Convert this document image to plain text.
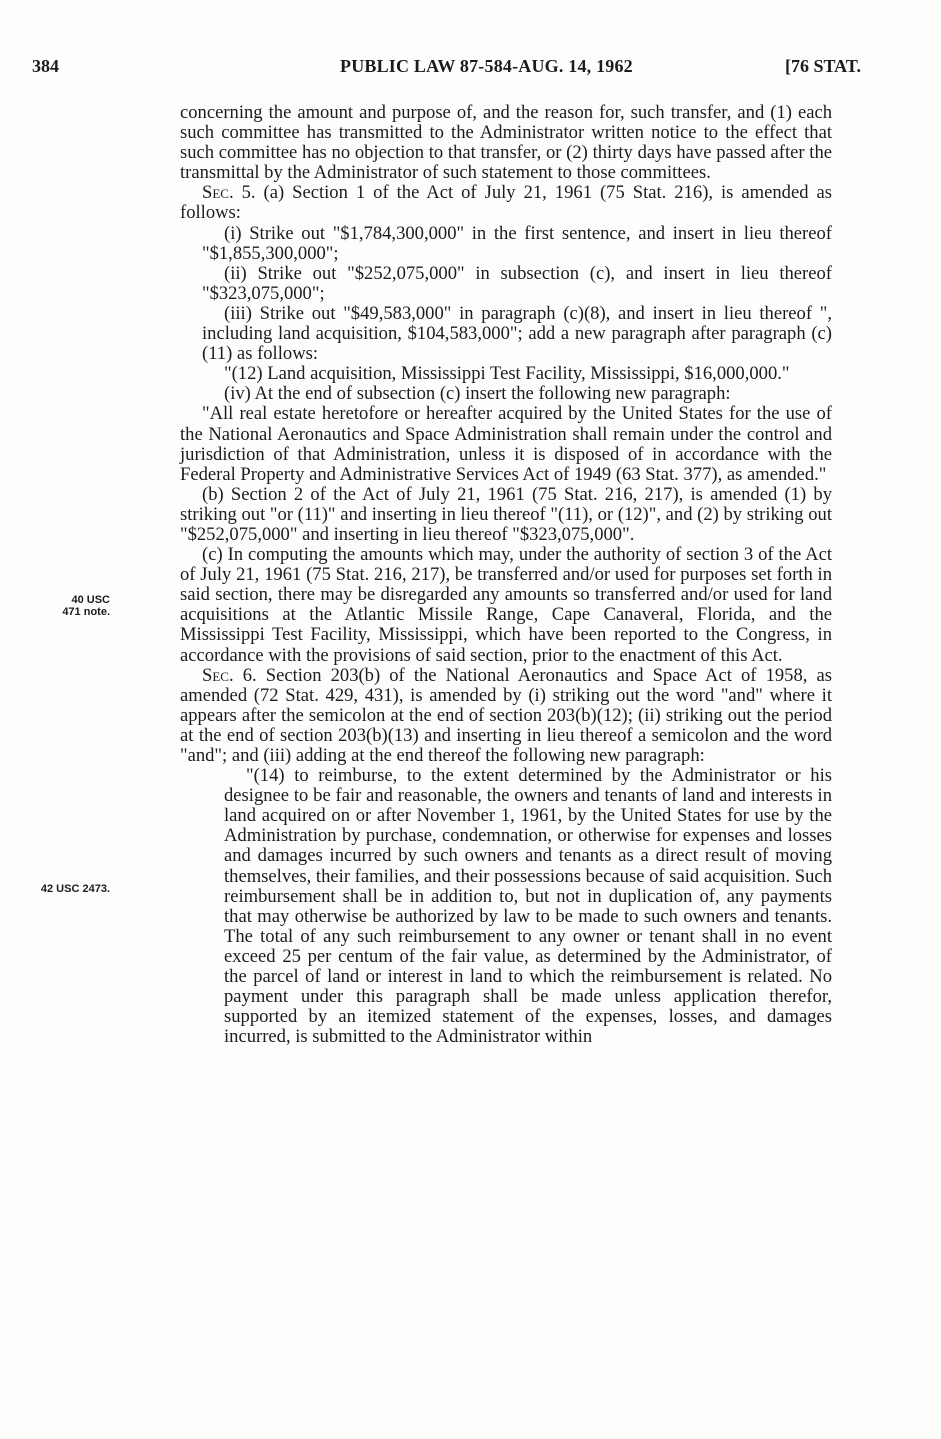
384	PUBLIC LAW 87-584-AUG. 14, 1962	[76 STAT.
40 USC
471 note.
42 USC 2473.

concerning the amount and purpose of, and the reason for, such transfer, and (1) each such committee has transmitted to the Administrator written notice to the effect that such committee has no objection to that transfer, or (2) thirty days have passed after the transmittal by the Administrator of such statement to those committees.

Sec. 5. (a) Section 1 of the Act of July 21, 1961 (75 Stat. 216), is amended as follows:

(i) Strike out "$1,784,300,000" in the first sentence, and insert in lieu thereof "$1,855,300,000";

(ii) Strike out "$252,075,000" in subsection (c), and insert in lieu thereof "$323,075,000";

(iii) Strike out "$49,583,000" in paragraph (c)(8), and insert in lieu thereof ", including land acquisition, $104,583,000"; add a new paragraph after paragraph (c)(11) as follows:

"(12) Land acquisition, Mississippi Test Facility, Mississippi, $16,000,000."

(iv) At the end of subsection (c) insert the following new paragraph:

"All real estate heretofore or hereafter acquired by the United States for the use of the National Aeronautics and Space Administration shall remain under the control and jurisdiction of that Administration, unless it is disposed of in accordance with the Federal Property and Administrative Services Act of 1949 (63 Stat. 377), as amended."

(b) Section 2 of the Act of July 21, 1961 (75 Stat. 216, 217), is amended (1) by striking out "or (11)" and inserting in lieu thereof "(11), or (12)", and (2) by striking out "$252,075,000" and inserting in lieu thereof "$323,075,000".

(c) In computing the amounts which may, under the authority of section 3 of the Act of July 21, 1961 (75 Stat. 216, 217), be transferred and/or used for purposes set forth in said section, there may be disregarded any amounts so transferred and/or used for land acquisitions at the Atlantic Missile Range, Cape Canaveral, Florida, and the Mississippi Test Facility, Mississippi, which have been reported to the Congress, in accordance with the provisions of said section, prior to the enactment of this Act.

Sec. 6. Section 203(b) of the National Aeronautics and Space Act of 1958, as amended (72 Stat. 429, 431), is amended by (i) striking out the word "and" where it appears after the semicolon at the end of section 203(b)(12); (ii) striking out the period at the end of section 203(b)(13) and inserting in lieu thereof a semicolon and the word "and"; and (iii) adding at the end thereof the following new paragraph:

"(14) to reimburse, to the extent determined by the Administrator or his designee to be fair and reasonable, the owners and tenants of land and interests in land acquired on or after November 1, 1961, by the United States for use by the Administration by purchase, condemnation, or otherwise for expenses and losses and damages incurred by such owners and tenants as a direct result of moving themselves, their families, and their possessions because of said acquisition. Such reimbursement shall be in addition to, but not in duplication of, any payments that may otherwise be authorized by law to be made to such owners and tenants. The total of any such reimbursement to any owner or tenant shall in no event exceed 25 per centum of the fair value, as determined by the Administrator, of the parcel of land or interest in land to which the reimbursement is related. No payment under this paragraph shall be made unless application therefor, supported by an itemized statement of the expenses, losses, and damages incurred, is submitted to the Administrator within
